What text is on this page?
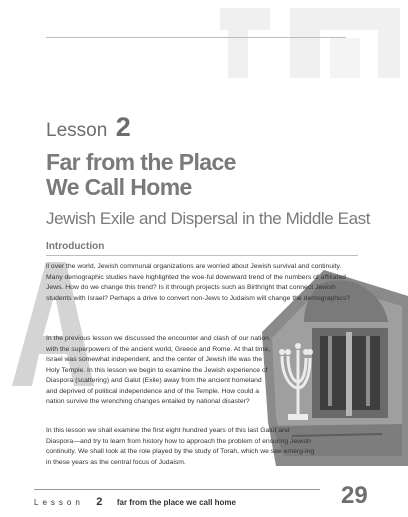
Lesson 2
Far from the Place
We Call Home
Jewish Exile and Dispersal in the Middle East
Introduction

ll over the world, Jewish communal organizations are worried about Jewish survival and continuity. Many demographic studies have highlighted the woe-ful downward trend of the numbers of affiliated Jews. How do we change this trend? Is it through projects such as Birthright that connect Jewish students with Israel? Perhaps a drive to convert non-Jews to Judaism will change the demographics?

In the previous lesson we discussed the encounter and clash of our nation with the superpowers of the ancient world, Greece and Rome. At that time, Israel was somewhat independent, and the center of Jewish life was the Holy Temple. In this lesson we begin to examine the Jewish experience of Diaspora (scattering) and Galut (Exile) away from the ancient homeland and deprived of political independence and of the Temple. How could a nation survive the wrenching changes entailed by national disaster?

In this lesson we shall examine the first eight hundred years of this last Galut and Diaspora—and try to learn from history how to approach the problem of ensuring Jewish continuity. We shall look at the role played by the study of Torah, which we see emerg-ing in these years as the central focus of Judaism.

Lesson 2 far from the place we call home	29
